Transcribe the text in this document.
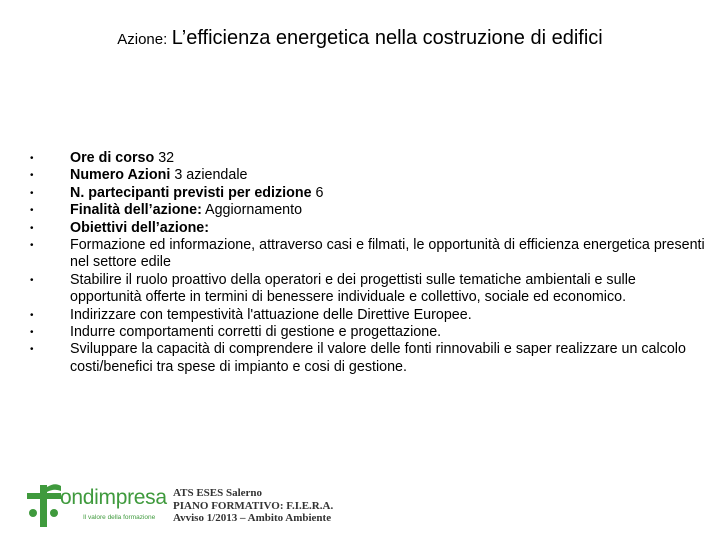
Azione: L’efficienza energetica nella costruzione di edifici
•	Ore di corso 32
•	Numero Azioni 3 aziendale
•	N. partecipanti previsti per edizione 6
•	Finalità dell’azione: Aggiornamento
•	Obiettivi dell’azione:
•	Formazione ed informazione, attraverso casi e filmati, le opportunità di efficienza energetica presenti nel settore edile
•	Stabilire il ruolo proattivo della operatori e dei progettisti sulle tematiche ambientali e sulle opportunità offerte in termini di benessere individuale e collettivo, sociale ed economico.
•	Indirizzare con tempestività l'attuazione delle Direttive Europee.
•	Indurre comportamenti corretti di gestione e progettazione.
•	Sviluppare la capacità di comprendere il valore delle fonti rinnovabili e saper realizzare un calcolo costi/benefici tra spese di impianto e cosi di gestione.
ondimpresa
Il valore della formazione
ATS ESES Salerno
PIANO FORMATIVO: F.I.E.R.A.
Avviso 1/2013 – Ambito Ambiente
